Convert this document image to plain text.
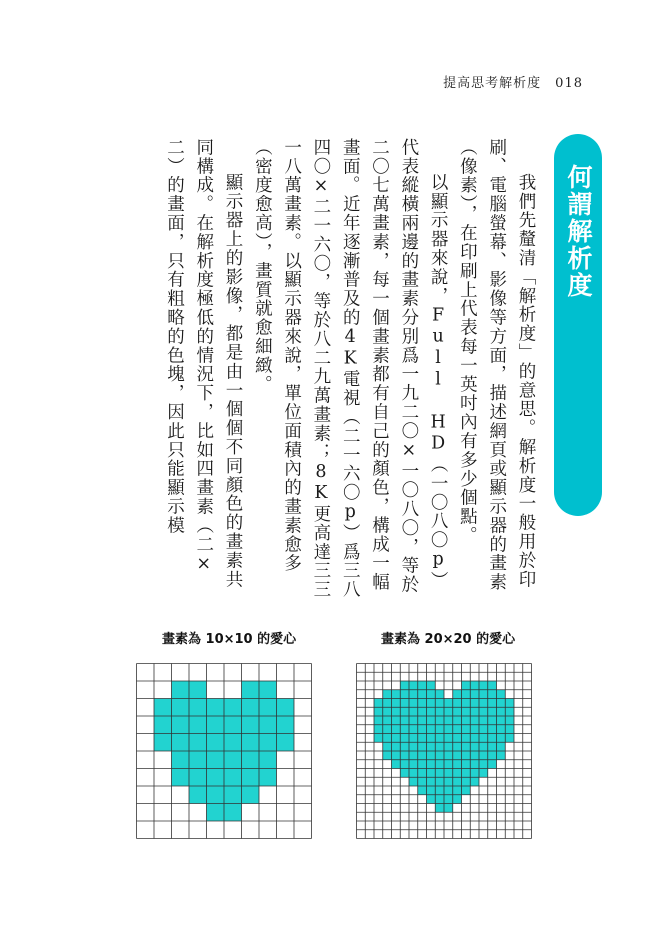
提高思考解析度 018
何謂解析度

我們先釐清「解析度」的意思。解析度一般用於印刷、電腦螢幕、影像等方面，描述網頁或顯示器的畫素（像素），在印刷上代表每一英吋內有多少個點。

以顯示器來說，Full HD（一〇八〇p）代表縱橫兩邊的畫素分別爲一九二〇×一〇八〇，等於二〇七萬畫素，每一個畫素都有自己的顏色，構成一幅畫面。近年逐漸普及的4K電視（二一六〇p）爲三八四〇×二一六〇，等於八二九萬畫素；8K更高達三三一八萬畫素。以顯示器來說，單位面積內的畫素愈多（密度愈高），畫質就愈細緻。

顯示器上的影像，都是由一個個不同顏色的畫素共同構成。在解析度極低的情況下，比如四畫素（二×二）的畫面，只有粗略的色塊，因此只能顯示模

畫素為 10×10 的愛心	畫素為 20×20 的愛心
